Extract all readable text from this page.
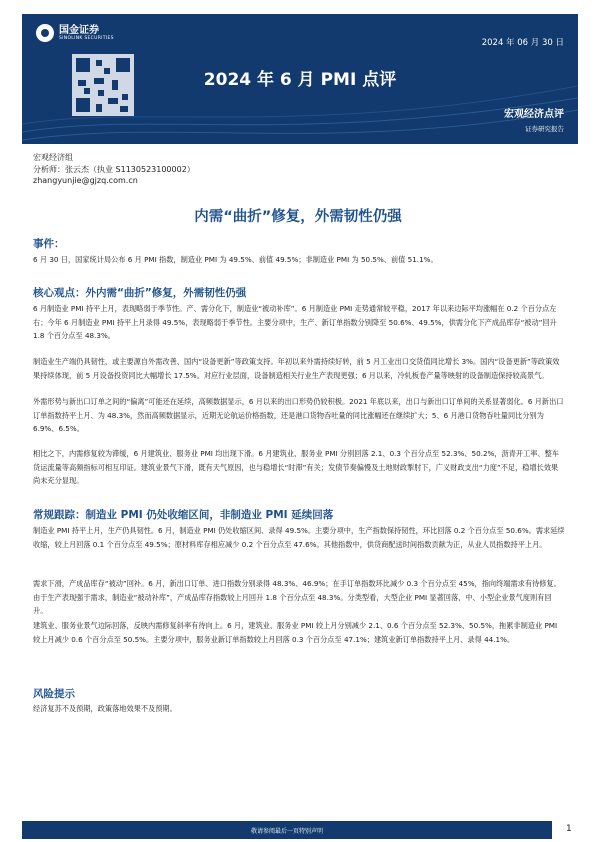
国金证券
SINOLINK SECURITIES	2024 年 06 月 30 日
2024 年 6 月 PMI 点评
宏观经济点评
证券研究报告
宏观经济组
分析师：张云杰（执业 S1130523100002）
zhangyunjie@gjzq.com.cn
内需“曲折”修复，外需韧性仍强
事件：

6 月 30 日，国家统计局公布 6 月 PMI 指数，制造业 PMI 为 49.5%、前值 49.5%；非制造业 PMI 为 50.5%、前值 51.1%。

核心观点：外内需“曲折”修复，外需韧性仍强

6 月制造业 PMI 持平上月，表现略弱于季节性。产、需分化下，制造业“被动补库”。6 月制造业 PMI 走势通常较平稳，2017 年以来边际平均涨幅在 0.2 个百分点左右；今年 6 月制造业 PMI 持平上月录得 49.5%，表现略弱于季节性。主要分项中，生产、新订单指数分别降至 50.6%、49.5%，供需分化下产成品库存“被动”回升 1.8 个百分点至 48.3%。

制造业生产端仍具韧性，或主要源自外需改善、国内“设备更新”等政策支持。年初以来外需持续好转，前 5 月工业出口交货值同比增长 3%。国内“设备更新”等政策效果持续体现，前 5 月设备投资同比大幅增长 17.5%。对应行业层面，设备制造相关行业生产表现更强；6 月以来，冷轧板卷产量等映射的设备制造保持较高景气。

外需形势与新出口订单之间的“偏离”可能还在延续，高频数据显示，6 月以来的出口形势仍较积极。2021 年底以来，出口与新出口订单间的关系显著弱化。6 月新出口订单指数持平上月、为 48.3%，然而高频数据显示，近期无论航运价格指数，还是港口货物吞吐量的同比涨幅还在继续扩大；5、6 月港口货物吞吐量同比分别为 6.9%、6.5%。

相比之下，内需修复较为滞缓，6 月建筑业、服务业 PMI 均出现下滑。6 月建筑业、服务业 PMI 分别回落 2.1、0.3 个百分点至 52.3%、50.2%，沥青开工率、整车货运流量等高频指标可相互印证。建筑业景气下滑，既有天气原因，也与稳增长“时滞”有关；发债节奏偏慢及土地财政掣肘下，广义财政支出“力度”不足，稳增长效果尚未充分显现。

常规跟踪：制造业 PMI 仍处收缩区间，非制造业 PMI 延续回落

制造业 PMI 持平上月，生产仍具韧性。6 月，制造业 PMI 仍处收缩区间、录得 49.5%。主要分项中，生产指数保持韧性，环比回落 0.2 个百分点至 50.6%。需求延续收缩，较上月回落 0.1 个百分点至 49.5%；原材料库存相应减少 0.2 个百分点至 47.6%。其他指数中，供货商配送时间指数贡献为正，从业人员指数持平上月。

需求下滑，产成品库存“被动”回补。6 月，新出口订单、进口指数分别录得 48.3%、46.9%；在手订单指数环比减少 0.3 个百分点至 45%，指向终端需求有待修复。由于生产表现强于需求，制造业“被动补库”，产成品库存指数较上月回升 1.8 个百分点至 48.3%。分类型看，大型企业 PMI 显著回落，中、小型企业景气度则有回升。

建筑业、服务业景气边际回落，反映内需修复斜率有待向上。6 月，建筑业、服务业 PMI 较上月分别减少 2.1、0.6 个百分点至 52.3%、50.5%，拖累非制造业 PMI 较上月减少 0.6 个百分点至 50.5%。主要分项中，服务业新订单指数较上月回落 0.3 个百分点至 47.1%；建筑业新订单指数持平上月、录得 44.1%。

风险提示

经济复苏不及预期，政策落地效果不及预期。

敬请参阅最后一页特别声明	1
